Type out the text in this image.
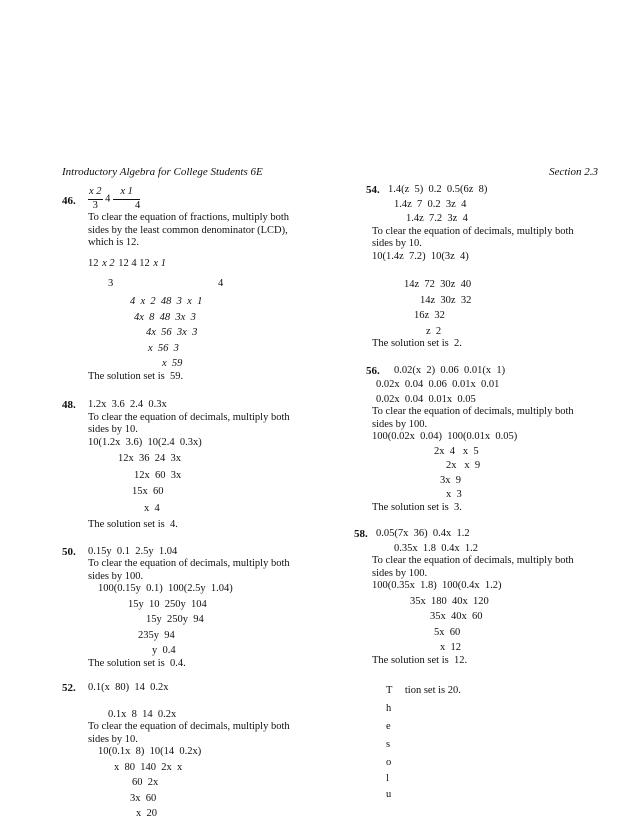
Introductory Algebra for College Students 6E	Section 2.3
46. $\frac{x 2}{3} 4 \frac{x 1}{4}$
To clear the equation of fractions, multiply both
sides by the least common denominator (LCD),
which is 12.
12 x 2 12 4 12 x 1
3	4
4  x  2  48  3  x  1
4x  8  48  3x  3
4x  56  3x  3
x  56  3
x  59
The solution set is  59.
48. 1.2x  3.6  2.4  0.3x
To clear the equation of decimals, multiply both
sides by 10.
10(1.2x  3.6)  10(2.4  0.3x)
12x  36  24  3x
12x  60  3x
15x  60
x  4
The solution set is  4.
50. 0.15y  0.1  2.5y  1.04
To clear the equation of decimals, multiply both
sides by 100.
100(0.15y  0.1)  100(2.5y  1.04)
15y  10  250y  104
15y  250y  94
235y  94
y  0.4
The solution set is  0.4.
52. 0.1(x  80)  14  0.2x
0.1x  8  14  0.2x
To clear the equation of decimals, multiply both
sides by 10.
10(0.1x  8)  10(14  0.2x)
x  80  140  2x  x
60  2x
3x  60
x  20
54. 1.4(z  5)  0.2  0.5(6z  8)
1.4z  7  0.2  3z  4
1.4z  7.2  3z  4
To clear the equation of decimals, multiply both
sides by 10.
10(1.4z  7.2)  10(3z  4)
14z  72  30z  40
14z  30z  32
16z  32
z  2
The solution set is  2.
56.	0.02(x  2)  0.06  0.01(x  1)
0.02x  0.04  0.06  0.01x  0.01
0.02x  0.04  0.01x  0.05
To clear the equation of decimals, multiply both
sides by 100.
100(0.02x  0.04)  100(0.01x  0.05)
2x  4   x  5
2x   x  9
3x  9
x  3
The solution set is  3.
58. 0.05(7x  36)  0.4x  1.2
0.35x  1.8  0.4x  1.2
To clear the equation of decimals, multiply both
sides by 100.
100(0.35x  1.8)  100(0.4x  1.2)
35x  180  40x  120
35x  40x  60
5x  60
x  12
The solution set is  12.
T tion set is 20.
h
e
s
o
l
u
